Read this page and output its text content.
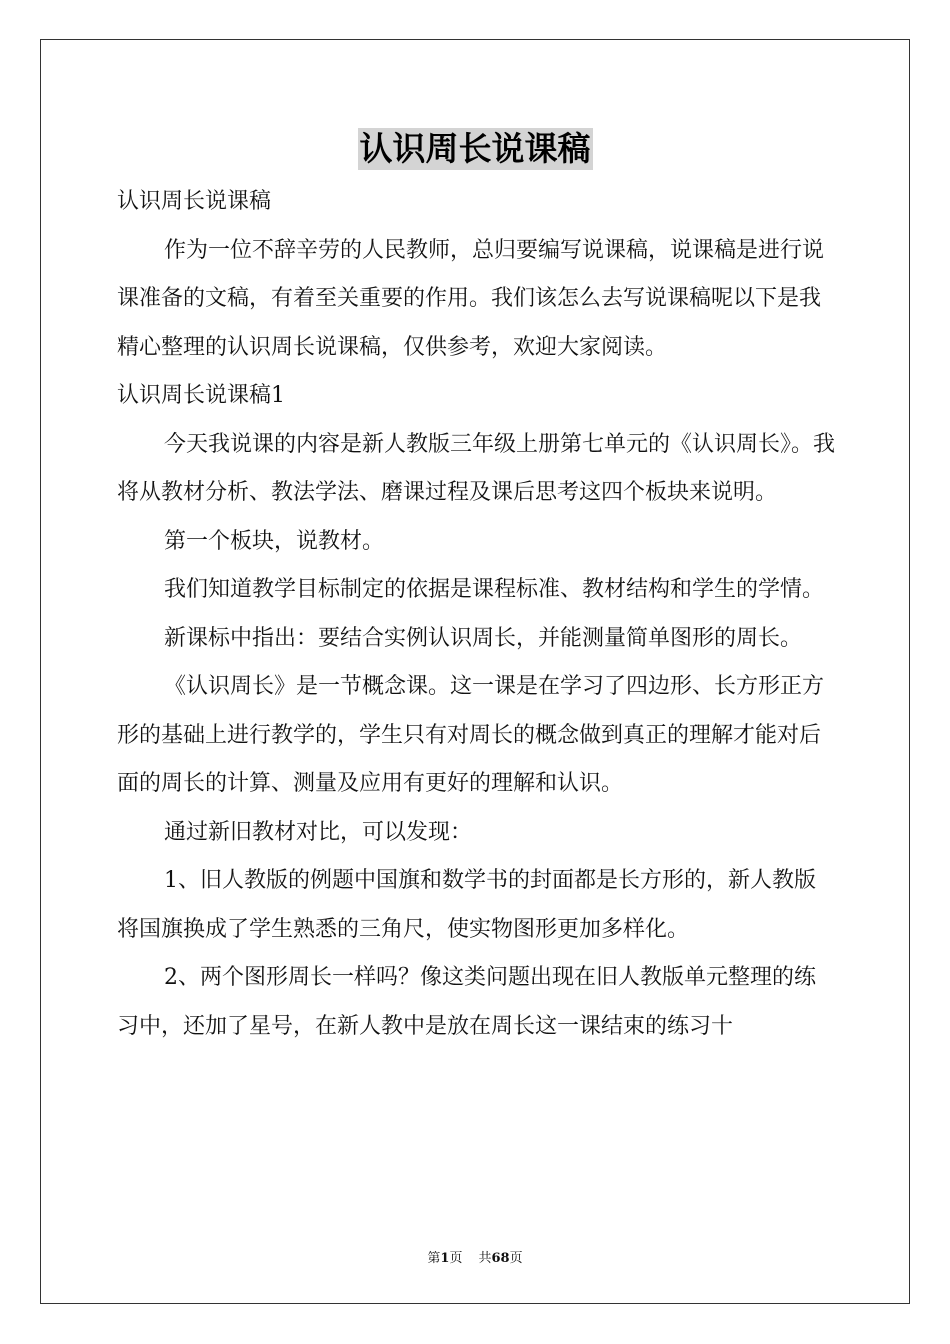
认识周长说课稿

认识周长说课稿

作为一位不辞辛劳的人民教师，总归要编写说课稿，说课稿是进行说课准备的文稿，有着至关重要的作用。我们该怎么去写说课稿呢以下是我精心整理的认识周长说课稿，仅供参考，欢迎大家阅读。

认识周长说课稿1

今天我说课的内容是新人教版三年级上册第七单元的《认识周长》。我将从教材分析、教法学法、磨课过程及课后思考这四个板块来说明。

第一个板块，说教材。

我们知道教学目标制定的依据是课程标准、教材结构和学生的学情。

新课标中指出：要结合实例认识周长，并能测量简单图形的周长。

《认识周长》是一节概念课。这一课是在学习了四边形、长方形正方形的基础上进行教学的，学生只有对周长的概念做到真正的理解才能对后面的周长的计算、测量及应用有更好的理解和认识。

通过新旧教材对比，可以发现：

1、旧人教版的例题中国旗和数学书的封面都是长方形的，新人教版将国旗换成了学生熟悉的三角尺，使实物图形更加多样化。

2、两个图形周长一样吗？像这类问题出现在旧人教版单元整理的练习中，还加了星号，在新人教中是放在周长这一课结束的练习十

第1页 共68页
